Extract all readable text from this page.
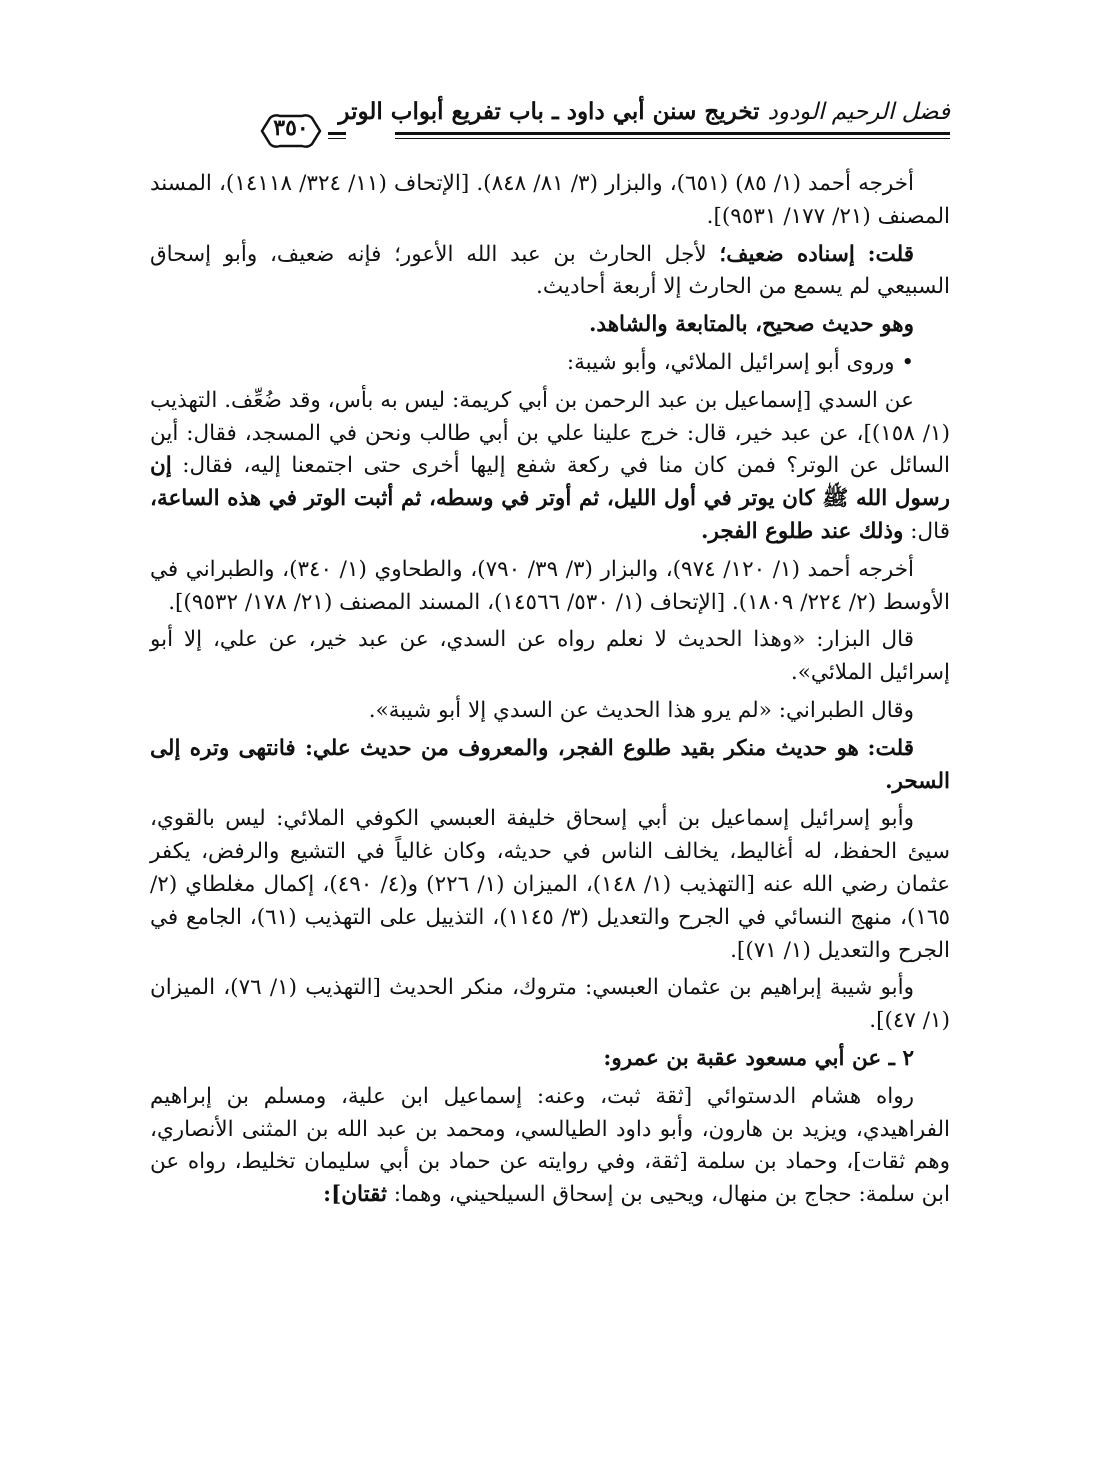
فضل الرحيم الودود تخريج سنن أبي داود ـ باب تفريع أبواب الوتر
٣٥٠

أخرجه أحمد (١/ ٨٥) (٦٥١)، والبزار (٣/ ٨١/ ٨٤٨). [الإتحاف (١١/ ٣٢٤/ ١٤١١٨)، المسند المصنف (٢١/ ١٧٧/ ٩٥٣١)].

قلت: إسناده ضعيف؛ لأجل الحارث بن عبد الله الأعور؛ فإنه ضعيف، وأبو إسحاق السبيعي لم يسمع من الحارث إلا أربعة أحاديث.

وهو حديث صحيح، بالمتابعة والشاهد.

• وروى أبو إسرائيل الملائي، وأبو شيبة:

عن السدي [إسماعيل بن عبد الرحمن بن أبي كريمة: ليس به بأس، وقد ضُعِّف. التهذيب (١/ ١٥٨)]، عن عبد خير، قال: خرج علينا علي بن أبي طالب ونحن في المسجد، فقال: أين السائل عن الوتر؟ فمن كان منا في ركعة شفع إليها أخرى حتى اجتمعنا إليه، فقال: إن رسول الله ﷺ كان يوتر في أول الليل، ثم أوتر في وسطه، ثم أثبت الوتر في هذه الساعة، قال: وذلك عند طلوع الفجر.

أخرجه أحمد (١/ ١٢٠/ ٩٧٤)، والبزار (٣/ ٣٩/ ٧٩٠)، والطحاوي (١/ ٣٤٠)، والطبراني في الأوسط (٢/ ٢٢٤/ ١٨٠٩). [الإتحاف (١/ ٥٣٠/ ١٤٥٦٦)، المسند المصنف (٢١/ ١٧٨/ ٩٥٣٢)].

قال البزار: «وهذا الحديث لا نعلم رواه عن السدي، عن عبد خير، عن علي، إلا أبو إسرائيل الملائي».

وقال الطبراني: «لم يرو هذا الحديث عن السدي إلا أبو شيبة».

قلت: هو حديث منكر بقيد طلوع الفجر، والمعروف من حديث علي: فانتهى وتره إلى السحر.

وأبو إسرائيل إسماعيل بن أبي إسحاق خليفة العبسي الكوفي الملائي: ليس بالقوي، سيئ الحفظ، له أغاليط، يخالف الناس في حديثه، وكان غالياً في التشيع والرفض، يكفر عثمان رضي الله عنه [التهذيب (١/ ١٤٨)، الميزان (١/ ٢٢٦) و(٤/ ٤٩٠)، إكمال مغلطاي (٢/ ١٦٥)، منهج النسائي في الجرح والتعديل (٣/ ١١٤٥)، التذييل على التهذيب (٦١)، الجامع في الجرح والتعديل (١/ ٧١)].

وأبو شيبة إبراهيم بن عثمان العبسي: متروك، منكر الحديث [التهذيب (١/ ٧٦)، الميزان (١/ ٤٧)].

٢ ـ عن أبي مسعود عقبة بن عمرو:

رواه هشام الدستوائي [ثقة ثبت، وعنه: إسماعيل ابن علية، ومسلم بن إبراهيم الفراهيدي، ويزيد بن هارون، وأبو داود الطيالسي، ومحمد بن عبد الله بن المثنى الأنصاري، وهم ثقات]، وحماد بن سلمة [ثقة، وفي روايته عن حماد بن أبي سليمان تخليط، رواه عن ابن سلمة: حجاج بن منهال، ويحيى بن إسحاق السيلحيني، وهما: ثقتان]:
